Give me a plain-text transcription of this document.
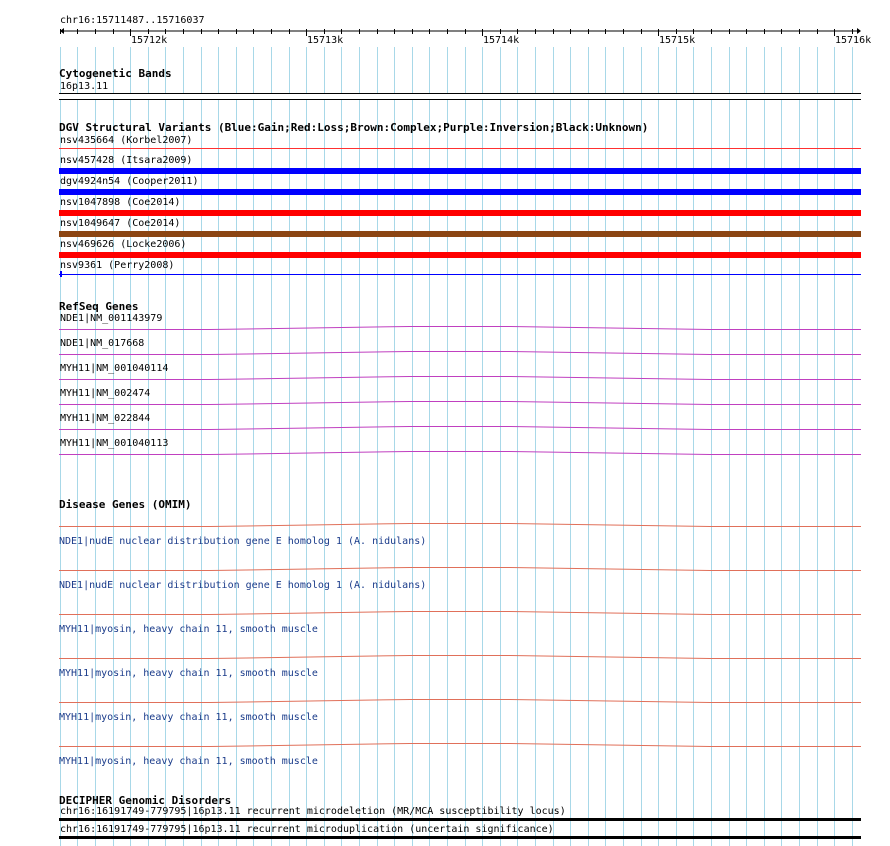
chr16:15711487..15716037
15712k	15713k	15714k	15715k	15716k
Cytogenetic Bands
16p13.11
DGV Structural Variants (Blue:Gain;Red:Loss;Brown:Complex;Purple:Inversion;Black:Unknown)
nsv435664 (Korbel2007)
nsv457428 (Itsara2009)
dgv4924n54 (Cooper2011)
nsv1047898 (Coe2014)
nsv1049647 (Coe2014)
nsv469626 (Locke2006)
nsv9361 (Perry2008)
RefSeq Genes
NDE1|NM_001143979
NDE1|NM_017668
MYH11|NM_001040114
MYH11|NM_002474
MYH11|NM_022844
MYH11|NM_001040113
Disease Genes (OMIM)
NDE1|nudE nuclear distribution gene E homolog 1 (A. nidulans)
NDE1|nudE nuclear distribution gene E homolog 1 (A. nidulans)
MYH11|myosin, heavy chain 11, smooth muscle
MYH11|myosin, heavy chain 11, smooth muscle
MYH11|myosin, heavy chain 11, smooth muscle
MYH11|myosin, heavy chain 11, smooth muscle
DECIPHER Genomic Disorders
chr16:16191749-779795|16p13.11 recurrent microdeletion (MR/MCA susceptibility locus)
chr16:16191749-779795|16p13.11 recurrent microduplication (uncertain significance)
